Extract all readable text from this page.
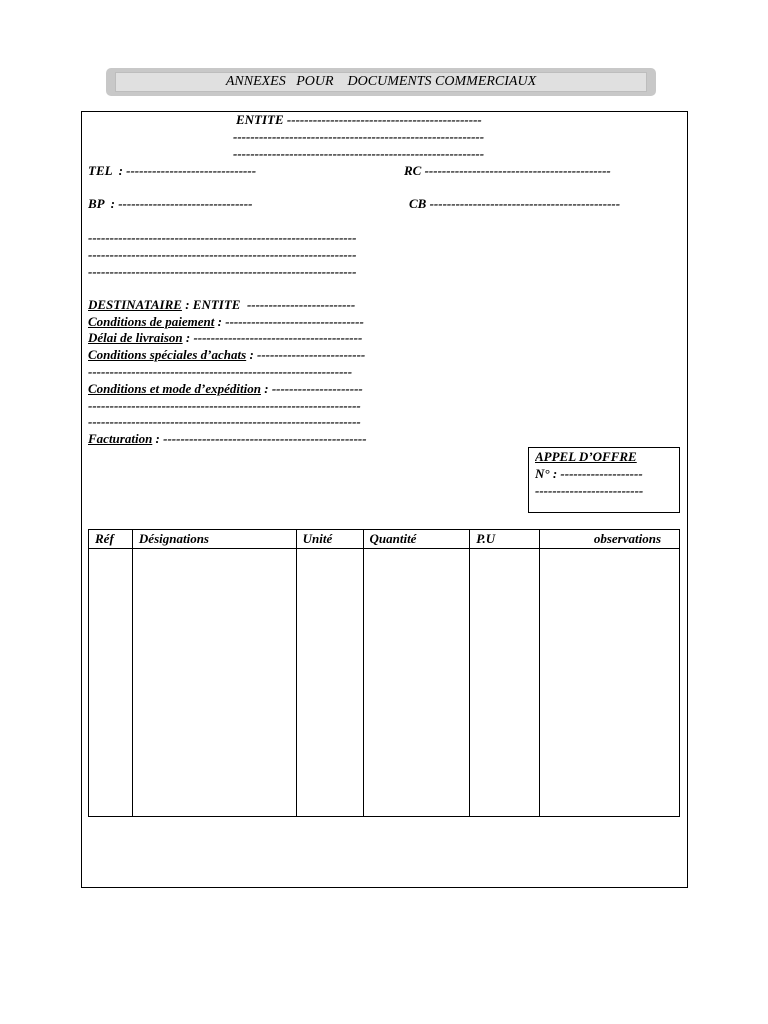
ANNEXES   POUR    DOCUMENTS COMMERCIAUX
ENTITE ---------------------------------------------
----------------------------------------------------------
----------------------------------------------------------
TEL  : ------------------------------	RC -------------------------------------------
BP  : -------------------------------	CB --------------------------------------------
--------------------------------------------------------------
--------------------------------------------------------------
--------------------------------------------------------------
DESTINATAIRE : ENTITE  -------------------------
Conditions de paiement : --------------------------------
Délai de livraison : ---------------------------------------
Conditions spéciales d’achats : -------------------------
-------------------------------------------------------------
Conditions et mode d’expédition : ---------------------
---------------------------------------------------------------
---------------------------------------------------------------
Facturation : -----------------------------------------------
APPEL D’OFFRE
N° : -------------------
-------------------------
Réf	Désignations	Unité	Quantité	P.U	observations
